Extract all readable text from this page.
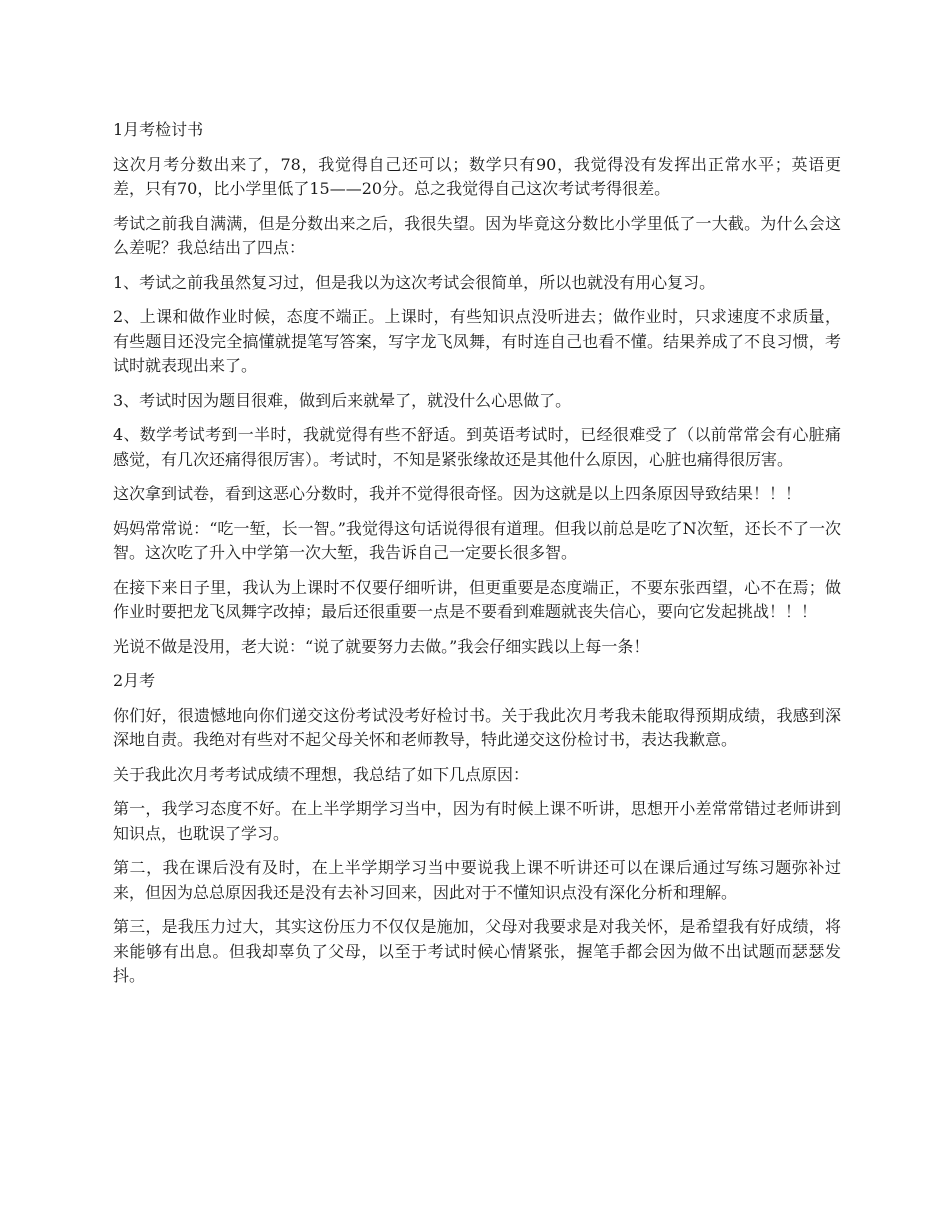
1月考检讨书

这次月考分数出来了，78，我觉得自己还可以；数学只有90，我觉得没有发挥出正常水平；英语更差，只有70，比小学里低了15——20分。总之我觉得自己这次考试考得很差。

考试之前我自满满，但是分数出来之后，我很失望。因为毕竟这分数比小学里低了一大截。为什么会这么差呢？我总结出了四点：

1、考试之前我虽然复习过，但是我以为这次考试会很简单，所以也就没有用心复习。

2、上课和做作业时候，态度不端正。上课时，有些知识点没听进去；做作业时，只求速度不求质量，有些题目还没完全搞懂就提笔写答案，写字龙飞凤舞，有时连自己也看不懂。结果养成了不良习惯，考试时就表现出来了。

3、考试时因为题目很难，做到后来就晕了，就没什么心思做了。

4、数学考试考到一半时，我就觉得有些不舒适。到英语考试时，已经很难受了（以前常常会有心脏痛感觉，有几次还痛得很厉害）。考试时，不知是紧张缘故还是其他什么原因，心脏也痛得很厉害。

这次拿到试卷，看到这恶心分数时，我并不觉得很奇怪。因为这就是以上四条原因导致结果！！！

妈妈常常说：“吃一堑，长一智。”我觉得这句话说得很有道理。但我以前总是吃了N次堑，还长不了一次智。这次吃了升入中学第一次大堑，我告诉自己一定要长很多智。

在接下来日子里，我认为上课时不仅要仔细听讲，但更重要是态度端正，不要东张西望，心不在焉；做作业时要把龙飞凤舞字改掉；最后还很重要一点是不要看到难题就丧失信心，要向它发起挑战！！！

光说不做是没用，老大说：“说了就要努力去做。”我会仔细实践以上每一条！

2月考

你们好，很遗憾地向你们递交这份考试没考好检讨书。关于我此次月考我未能取得预期成绩，我感到深深地自责。我绝对有些对不起父母关怀和老师教导，特此递交这份检讨书，表达我歉意。

关于我此次月考考试成绩不理想，我总结了如下几点原因：

第一，我学习态度不好。在上半学期学习当中，因为有时候上课不听讲，思想开小差常常错过老师讲到知识点，也耽误了学习。

第二，我在课后没有及时，在上半学期学习当中要说我上课不听讲还可以在课后通过写练习题弥补过来，但因为总总原因我还是没有去补习回来，因此对于不懂知识点没有深化分析和理解。

第三，是我压力过大，其实这份压力不仅仅是施加，父母对我要求是对我关怀，是希望我有好成绩，将来能够有出息。但我却辜负了父母，以至于考试时候心情紧张，握笔手都会因为做不出试题而瑟瑟发抖。
